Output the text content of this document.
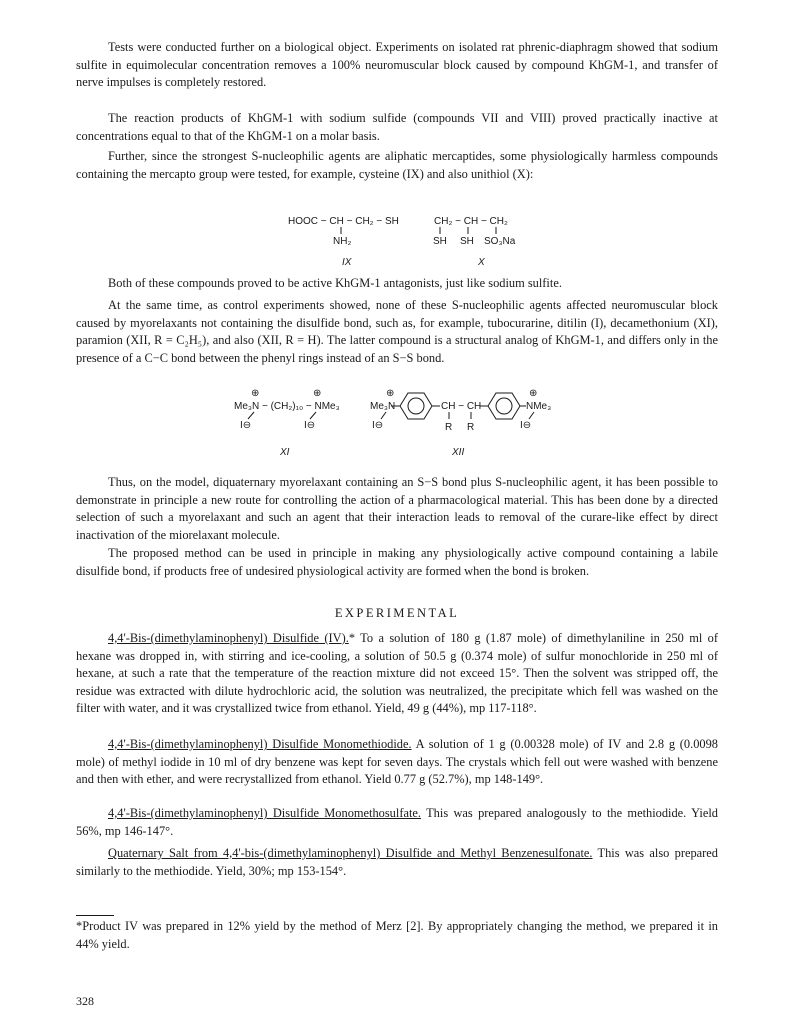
Tests were conducted further on a biological object. Experiments on isolated rat phrenic-diaphragm showed that sodium sulfite in equimolecular concentration removes a 100% neuromuscular block caused by compound KhGM-1, and transfer of nerve impulses is completely restored.

The reaction products of KhGM-1 with sodium sulfide (compounds VII and VIII) proved practically inactive at concentrations equal to that of the KhGM-1 on a molar basis.

Further, since the strongest S-nucleophilic agents are aliphatic mercaptides, some physiologically harmless compounds containing the mercapto group were tested, for example, cysteine (IX) and also unithiol (X):

HOOC − CH − CH₂ − SH
NH₂
IX
CH₂ − CH − CH₂
SH SH SO₃Na
X

Both of these compounds proved to be active KhGM-1 antagonists, just like sodium sulfite.

At the same time, as control experiments showed, none of these S-nucleophilic agents affected neuromuscular block caused by myorelaxants not containing the disulfide bond, such as, for example, tubocurarine, ditilin (I), decamethonium (XI), paramion (XII, R = C₂H₅), and also (XII, R = H). The latter compound is a structural analog of KhGM-1, and differs only in the presence of a C−C bond between the phenyl rings instead of an S−S bond.

⊕	⊕
Me₃N − (CH₂)₁₀ − NMe₃
I⊖	I⊖
XI
⊕
Me₃N	CH − CH
⊕
NMe₃
R R
I⊖	I⊖
XII

Thus, on the model, diquaternary myorelaxant containing an S−S bond plus S-nucleophilic agent, it has been possible to demonstrate in principle a new route for controlling the action of a pharmacological material. This has been done by a directed selection of such a myorelaxant and such an agent that their interaction leads to removal of the curare-like effect by direct inactivation of the miorelaxant molecule.

The proposed method can be used in principle in making any physiologically active compound containing a labile disulfide bond, if products free of undesired physiological activity are formed when the bond is broken.

EXPERIMENTAL

4,4'-Bis-(dimethylaminophenyl) Disulfide (IV).* To a solution of 180 g (1.87 mole) of dimethylaniline in 250 ml of hexane was dropped in, with stirring and ice-cooling, a solution of 50.5 g (0.374 mole) of sulfur monochloride in 250 ml of hexane, at such a rate that the temperature of the reaction mixture did not exceed 15°. Then the solvent was stripped off, the residue was extracted with dilute hydrochloric acid, the solution was neutralized, the precipitate which fell was washed on the filter with water, and it was crystallized twice from ethanol. Yield, 49 g (44%), mp 117-118°.

4,4'-Bis-(dimethylaminophenyl) Disulfide Monomethiodide. A solution of 1 g (0.00328 mole) of IV and 2.8 g (0.0098 mole) of methyl iodide in 10 ml of dry benzene was kept for seven days. The crystals which fell out were washed with benzene and then with ether, and were recrystallized from ethanol. Yield 0.77 g (52.7%), mp 148-149°.

4,4'-Bis-(dimethylaminophenyl) Disulfide Monomethosulfate. This was prepared analogously to the methiodide. Yield 56%, mp 146-147°.

Quaternary Salt from 4,4'-bis-(dimethylaminophenyl) Disulfide and Methyl Benzenesulfonate. This was also prepared similarly to the methiodide. Yield, 30%; mp 153-154°.

*Product IV was prepared in 12% yield by the method of Merz [2]. By appropriately changing the method, we prepared it in 44% yield.

328
